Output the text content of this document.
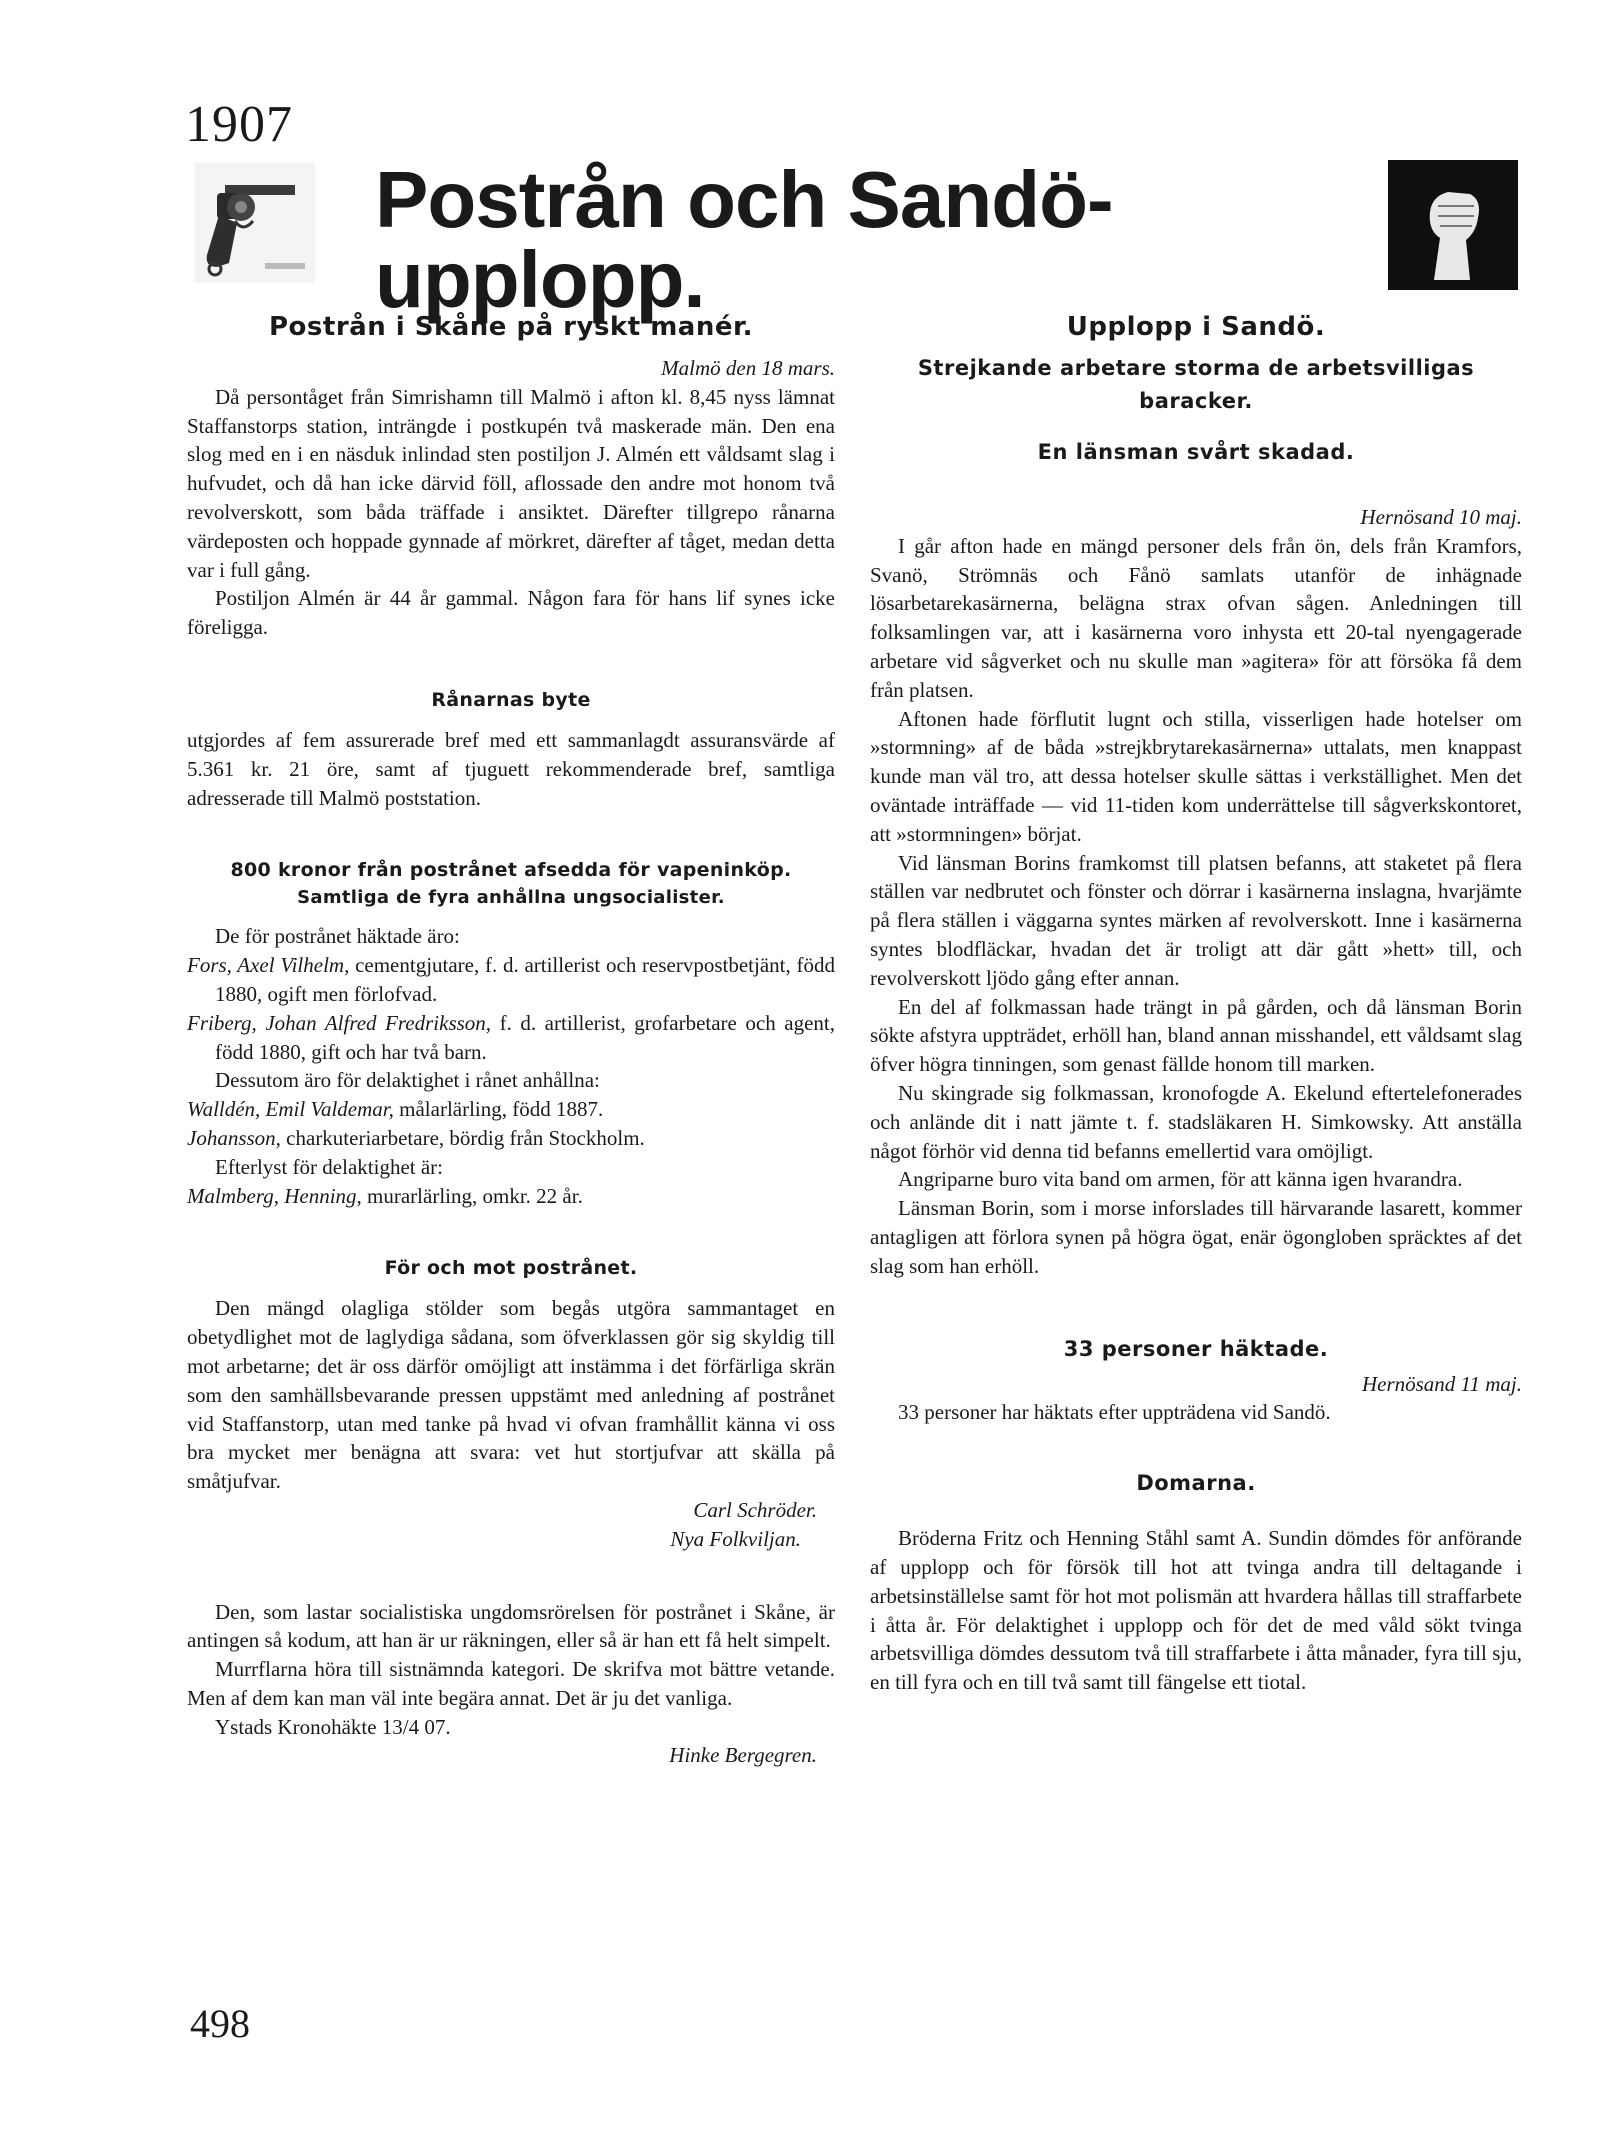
1907
Postrån och Sandö-upplopp.
Postrån i Skåne på ryskt manér.

Malmö den 18 mars.

Då persontåget från Simrishamn till Malmö i afton kl. 8,45 nyss lämnat Staffanstorps station, inträngde i postkupén två maskerade män. Den ena slog med en i en näsduk inlindad sten postiljon J. Almén ett våldsamt slag i hufvudet, och då han icke därvid föll, aflossade den andre mot honom två revolverskott, som båda träffade i ansiktet. Därefter tillgrepo rånarna värdeposten och hoppade gynnade af mörkret, därefter af tåget, medan detta var i full gång.

Postiljon Almén är 44 år gammal. Någon fara för hans lif synes icke föreligga.

Rånarnas byte

utgjordes af fem assurerade bref med ett sammanlagdt assuransvärde af 5.361 kr. 21 öre, samt af tjuguett rekommenderade bref, samtliga adresserade till Malmö poststation.

800 kronor från postrånet afsedda för vapeninköp.
Samtliga de fyra anhållna ungsocialister.

De för postrånet häktade äro:

Fors, Axel Vilhelm, cementgjutare, f. d. artillerist och reservpostbetjänt, född 1880, ogift men förlofvad.

Friberg, Johan Alfred Fredriksson, f. d. artillerist, grofarbetare och agent, född 1880, gift och har två barn.

Dessutom äro för delaktighet i rånet anhållna:

Walldén, Emil Valdemar, målarlärling, född 1887.

Johansson, charkuteriarbetare, bördig från Stockholm.

Efterlyst för delaktighet är:

Malmberg, Henning, murarlärling, omkr. 22 år.

För och mot postrånet.

Den mängd olagliga stölder som begås utgöra sammantaget en obetydlighet mot de laglydiga sådana, som öfverklassen gör sig skyldig till mot arbetarne; det är oss därför omöjligt att instämma i det förfärliga skrän som den samhällsbevarande pressen uppstämt med anledning af postrånet vid Staffanstorp, utan med tanke på hvad vi ofvan framhållit känna vi oss bra mycket mer benägna att svara: vet hut stortjufvar att skälla på småtjufvar.

Carl Schröder.

Nya Folkviljan.

Den, som lastar socialistiska ungdomsrörelsen för postrånet i Skåne, är antingen så kodum, att han är ur räkningen, eller så är han ett få helt simpelt.

Murrflarna höra till sistnämnda kategori. De skrifva mot bättre vetande. Men af dem kan man väl inte begära annat. Det är ju det vanliga.

Ystads Kronohäkte 13/4 07.

Hinke Bergegren.

Upplopp i Sandö.
Strejkande arbetare storma de arbetsvilligas baracker.
En länsman svårt skadad.

Hernösand 10 maj.

I går afton hade en mängd personer dels från ön, dels från Kramfors, Svanö, Strömnäs och Fånö samlats utanför de inhägnade lösarbetarekasärnerna, belägna strax ofvan sågen. Anledningen till folksamlingen var, att i kasärnerna voro inhysta ett 20-tal nyengagerade arbetare vid sågverket och nu skulle man »agitera» för att försöka få dem från platsen.

Aftonen hade förflutit lugnt och stilla, visserligen hade hotelser om »stormning» af de båda »strejkbrytarekasärnerna» uttalats, men knappast kunde man väl tro, att dessa hotelser skulle sättas i verkställighet. Men det oväntade inträffade — vid 11-tiden kom underrättelse till sågverkskontoret, att »stormningen» börjat.

Vid länsman Borins framkomst till platsen befanns, att staketet på flera ställen var nedbrutet och fönster och dörrar i kasärnerna inslagna, hvarjämte på flera ställen i väggarna syntes märken af revolverskott. Inne i kasärnerna syntes blodfläckar, hvadan det är troligt att där gått »hett» till, och revolverskott ljödo gång efter annan.

En del af folkmassan hade trängt in på gården, och då länsman Borin sökte afstyra uppträdet, erhöll han, bland annan misshandel, ett våldsamt slag öfver högra tinningen, som genast fällde honom till marken.

Nu skingrade sig folkmassan, kronofogde A. Ekelund eftertelefonerades och anlände dit i natt jämte t. f. stadsläkaren H. Simkowsky. Att anställa något förhör vid denna tid befanns emellertid vara omöjligt.

Angriparne buro vita band om armen, för att känna igen hvarandra.

Länsman Borin, som i morse inforslades till härvarande lasarett, kommer antagligen att förlora synen på högra ögat, enär ögongloben spräcktes af det slag som han erhöll.

33 personer häktade.

Hernösand 11 maj.

33 personer har häktats efter uppträdena vid Sandö.

Domarna.

Bröderna Fritz och Henning Ståhl samt A. Sundin dömdes för anförande af upplopp och för försök till hot att tvinga andra till deltagande i arbetsinställelse samt för hot mot polismän att hvardera hållas till straffarbete i åtta år. För delaktighet i upplopp och för det de med våld sökt tvinga arbetsvilliga dömdes dessutom två till straffarbete i åtta månader, fyra till sju, en till fyra och en till två samt till fängelse ett tiotal.

498
